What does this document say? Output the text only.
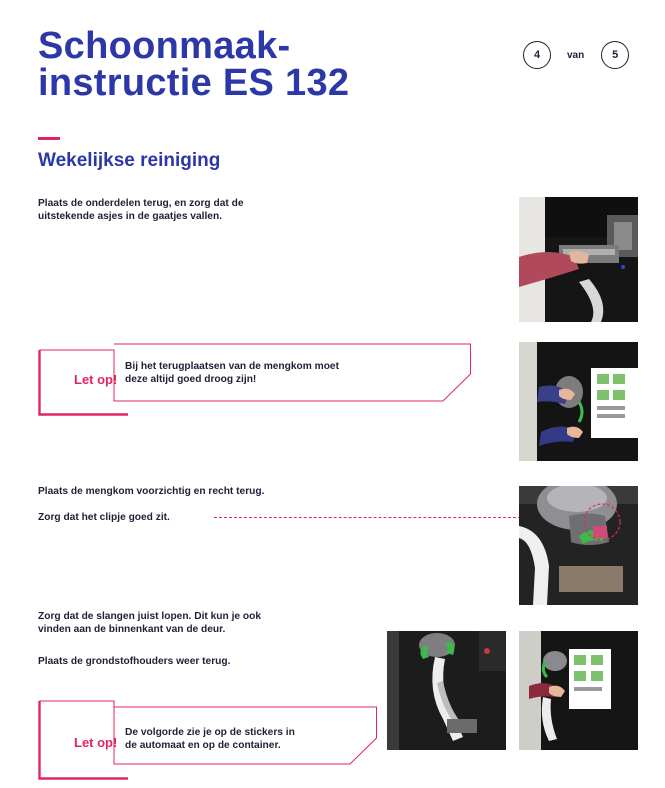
Schoonmaak-
instructie ES 132
4	van	5
Wekelijkse reiniging

Plaats de onderdelen terug, en zorg dat de
uitstekende asjes in de gaatjes vallen.

Let op!
Bij het terugplaatsen van de mengkom moet
deze altijd goed droog zijn!

Plaats de mengkom voorzichtig en recht terug.

Zorg dat het clipje goed zit.

Zorg dat de slangen juist lopen. Dit kun je ook
vinden aan de binnenkant van de deur.

Plaats de grondstofhouders weer terug.

Let op!
De volgorde zie je op de stickers in
de automaat en op de container.
